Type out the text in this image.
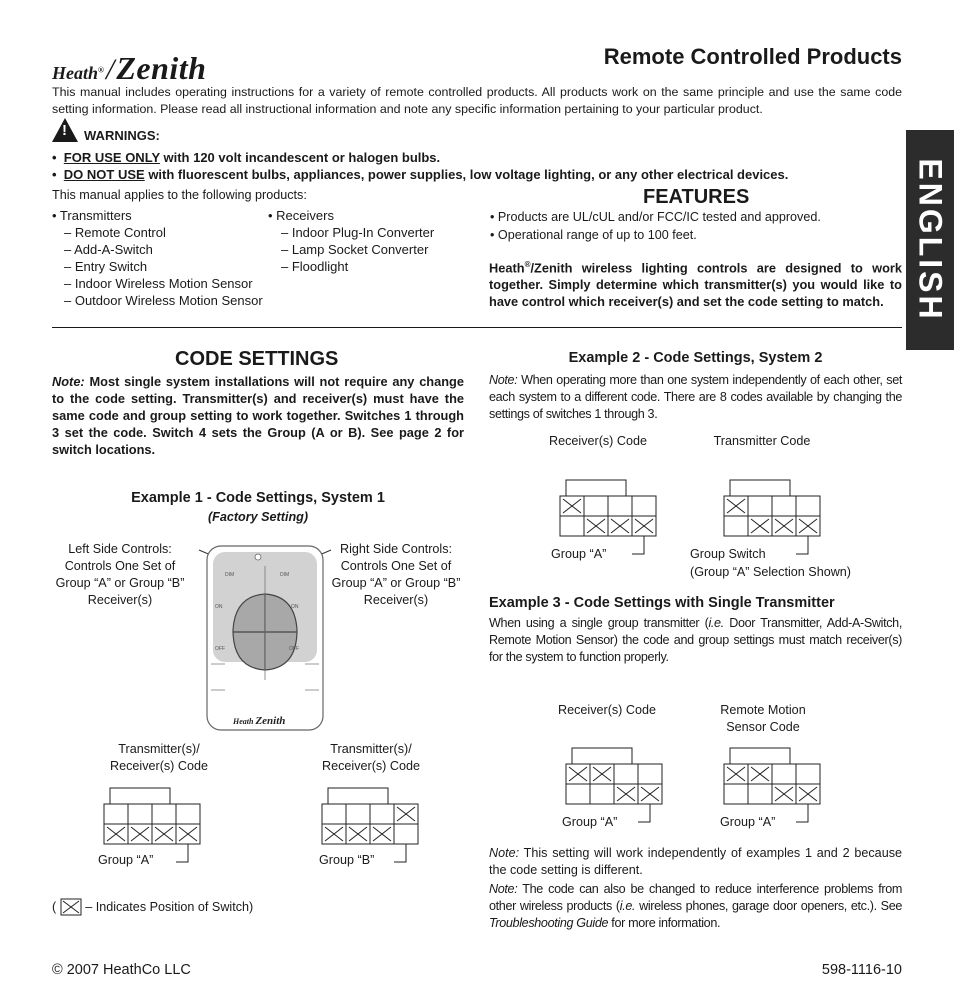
Heath®/Zenith	Remote Controlled Products
This manual includes operating instructions for a variety of remote controlled products. All products work on the same principle and use the same code setting information. Please read all instructional information and note any specific information pertaining to your particular product.
!WARNINGS:
• FOR USE ONLY with 120 volt incandescent or halogen bulbs.
• DO NOT USE with fluorescent bulbs, appliances, power supplies, low voltage lighting, or any other electrical devices.
This manual applies to the following products:
• Transmitters
– Remote Control
– Add-A-Switch
– Entry Switch
– Indoor Wireless Motion Sensor
– Outdoor Wireless Motion Sensor
• Receivers
– Indoor Plug-In Converter
– Lamp Socket Converter
– Floodlight
FEATURES
• Products are UL/cUL and/or FCC/IC tested and approved.
• Operational range of up to 100 feet.
Heath®/Zenith wireless lighting controls are designed to work together. Simply determine which transmitter(s) you would like to have control which receiver(s) and set the code setting to match. ENGLISH
CODE SETTINGS
Note: Most single system installations will not require any change to the code setting. Transmitter(s) and receiver(s) must have the same code and group setting to work together. Switches 1 through 3 set the code. Switch 4 sets the Group (A or B). See page 2 for switch locations.
Example 1 - Code Settings, System 1
(Factory Setting)
Left Side Controls: Controls One Set of Group “A” or Group “B” Receiver(s)
Right Side Controls: Controls One Set of Group “A” or Group “B” Receiver(s)
DIM	DIM
ON	ON
OFF	OFF
Heath Zenith
Transmitter(s)/ Receiver(s) Code
Transmitter(s)/ Receiver(s) Code
Group “A”	Group “B”
( – Indicates Position of Switch)
Example 2 - Code Settings, System 2
Note: When operating more than one system independently of each other, set each system to a different code. There are 8 codes available by changing the settings of switches 1 through 3.
Receiver(s) Code	Transmitter Code
Group “A”	Group Switch
(Group “A” Selection Shown)
Example 3 - Code Settings with Single Transmitter
When using a single group transmitter (i.e. Door Transmitter, Add-A-Switch, Remote Motion Sensor) the code and group settings must match receiver(s) for the system to function properly.
Receiver(s) Code	Remote Motion Sensor Code
Group “A”	Group “A”
Note: This setting will work independently of examples 1 and 2 because the code setting is different.
Note: The code can also be changed to reduce interference problems from other wireless products (i.e. wireless phones, garage door openers, etc.). See Troubleshooting Guide for more information.
© 2007 HeathCo LLC	598-1116-10
